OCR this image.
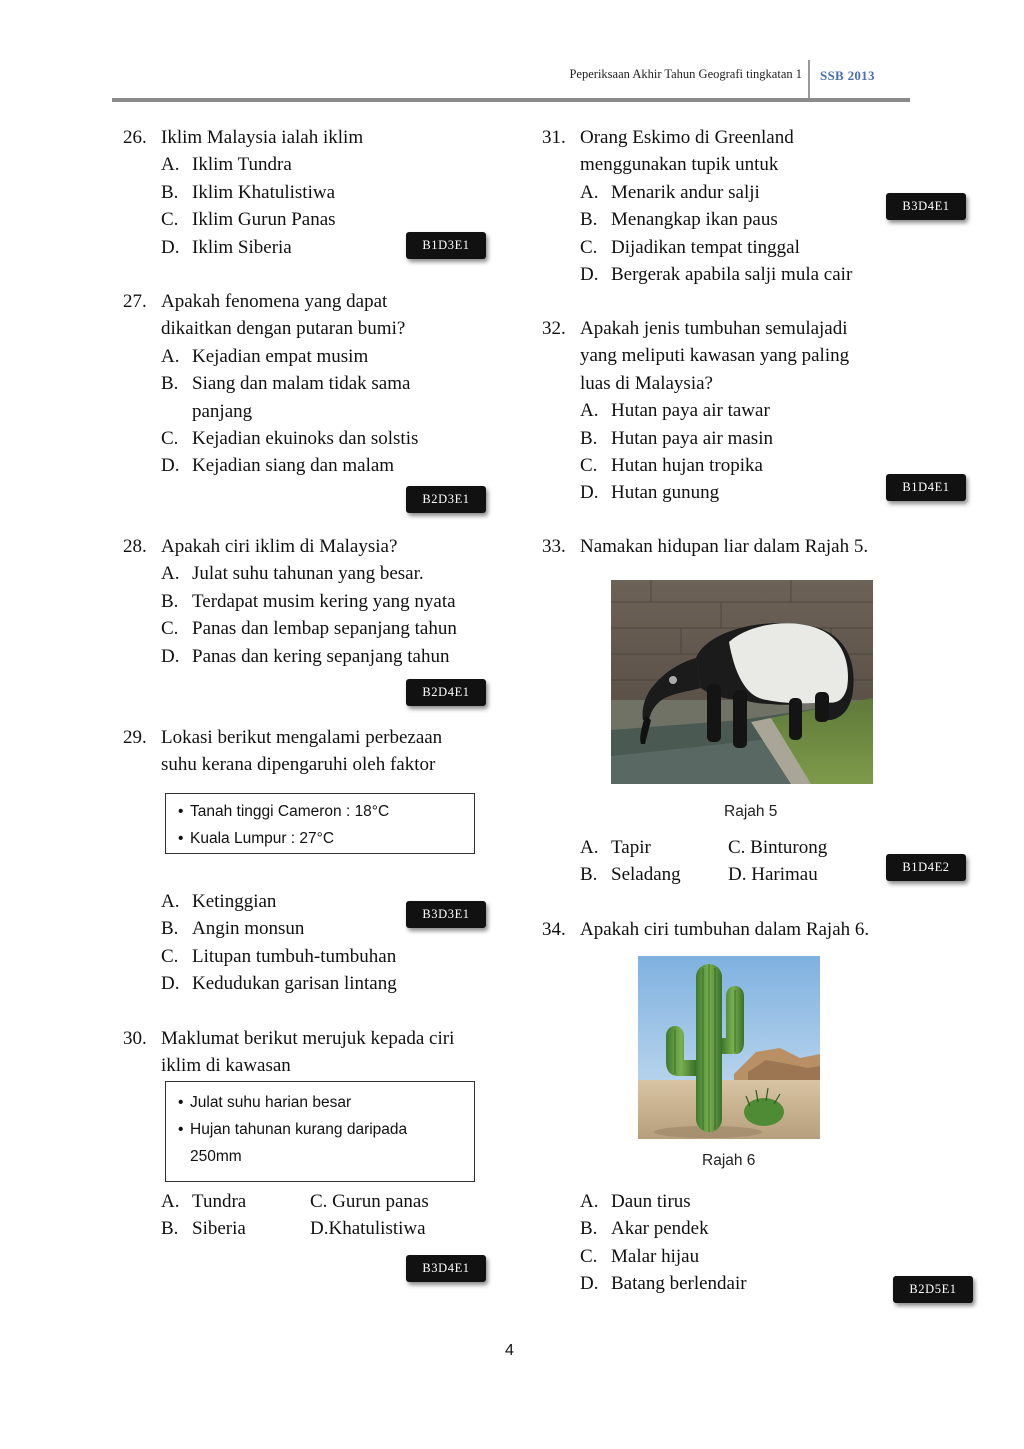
Peperiksaan Akhir Tahun Geografi tingkatan 1 SSB 2013
26. Iklim Malaysia ialah iklim
A. Iklim Tundra
B. Iklim Khatulistiwa
C. Iklim Gurun Panas
D. Iklim Siberia	B1D3E1
27. Apakah fenomena yang dapat
dikaitkan dengan putaran bumi?
A. Kejadian empat musim
B. Siang dan malam tidak sama
panjang
C. Kejadian ekuinoks dan solstis
D. Kejadian siang dan malam
B2D3E1
28. Apakah ciri iklim di Malaysia?
A. Julat suhu tahunan yang besar.
B. Terdapat musim kering yang nyata
C. Panas dan lembap sepanjang tahun
D. Panas dan kering sepanjang tahun
B2D4E1
29. Lokasi berikut mengalami perbezaan
suhu kerana dipengaruhi oleh faktor
• Tanah tinggi Cameron : 18°C
• Kuala Lumpur : 27°C
A. Ketinggian
B. Angin monsun
C. Litupan tumbuh-tumbuhan
D. Kedudukan garisan lintang
B3D3E1
30. Maklumat berikut merujuk kepada ciri
iklim di kawasan
• Julat suhu harian besar
• Hujan tahunan kurang daripada
250mm
A. Tundra	C. Gurun panas
B. Siberia	D.Khatulistiwa
B3D4E1
31. Orang Eskimo di Greenland
menggunakan tupik untuk
A. Menarik andur salji
B. Menangkap ikan paus
C. Dijadikan tempat tinggal
D. Bergerak apabila salji mula cair
B3D4E1
32. Apakah jenis tumbuhan semulajadi
yang meliputi kawasan yang paling
luas di Malaysia?
A. Hutan paya air tawar
B. Hutan paya air masin
C. Hutan hujan tropika
D. Hutan gunung	B1D4E1
33. Namakan hidupan liar dalam Rajah 5.
Rajah 5
A. Tapir	C. Binturong
B. Seladang D. Harimau	B1D4E2
34. Apakah ciri tumbuhan dalam Rajah 6.
Rajah 6
A. Daun tirus
B. Akar pendek
C. Malar hijau
D. Batang berlendair	B2D5E1
4
